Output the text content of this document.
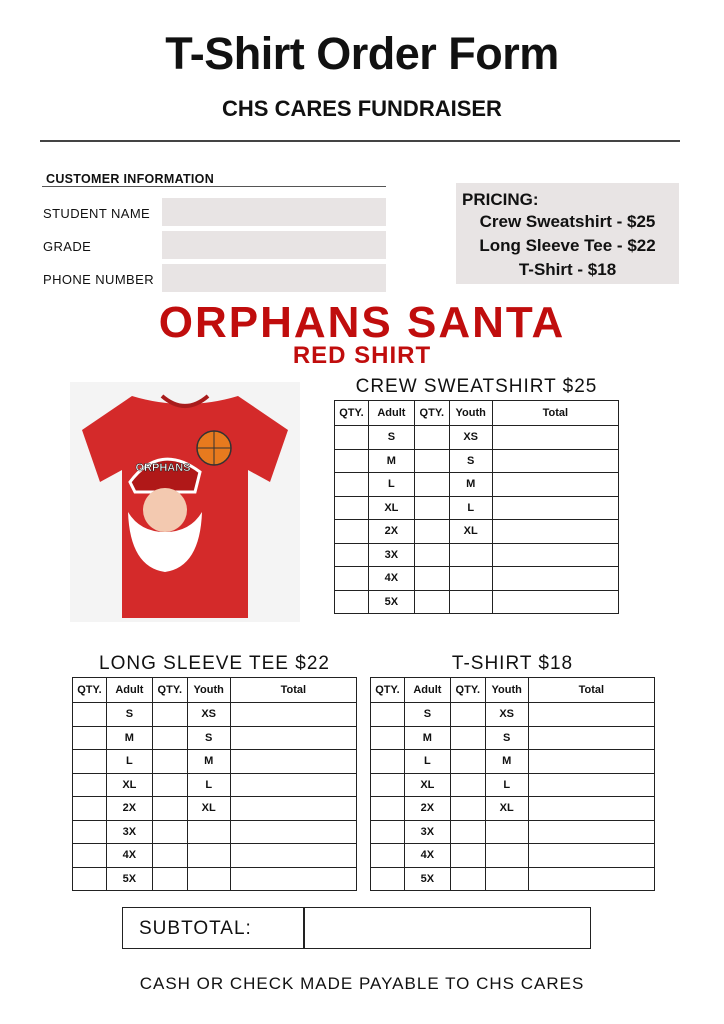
T-Shirt Order Form
CHS CARES FUNDRAISER
CUSTOMER INFORMATION
STUDENT NAME
GRADE
PHONE NUMBER
PRICING:
Crew Sweatshirt - $25
Long Sleeve Tee - $22
T-Shirt - $18
ORPHANS SANTA
RED SHIRT
ORPHANS
CREW SWEATSHIRT $25
QTY.	Adult	QTY.	Youth	Total
	S		XS	
	M		S	
	L		M	
	XL		L	
	2X		XL	
	3X			
	4X			
	5X			
LONG SLEEVE TEE $22
QTY.	Adult	QTY.	Youth	Total
	S		XS	
	M		S	
	L		M	
	XL		L	
	2X		XL	
	3X			
	4X			
	5X			
T-SHIRT $18
QTY.	Adult	QTY.	Youth	Total
	S		XS	
	M		S	
	L		M	
	XL		L	
	2X		XL	
	3X			
	4X			
	5X			
SUBTOTAL:
CASH OR CHECK MADE PAYABLE TO CHS CARES
